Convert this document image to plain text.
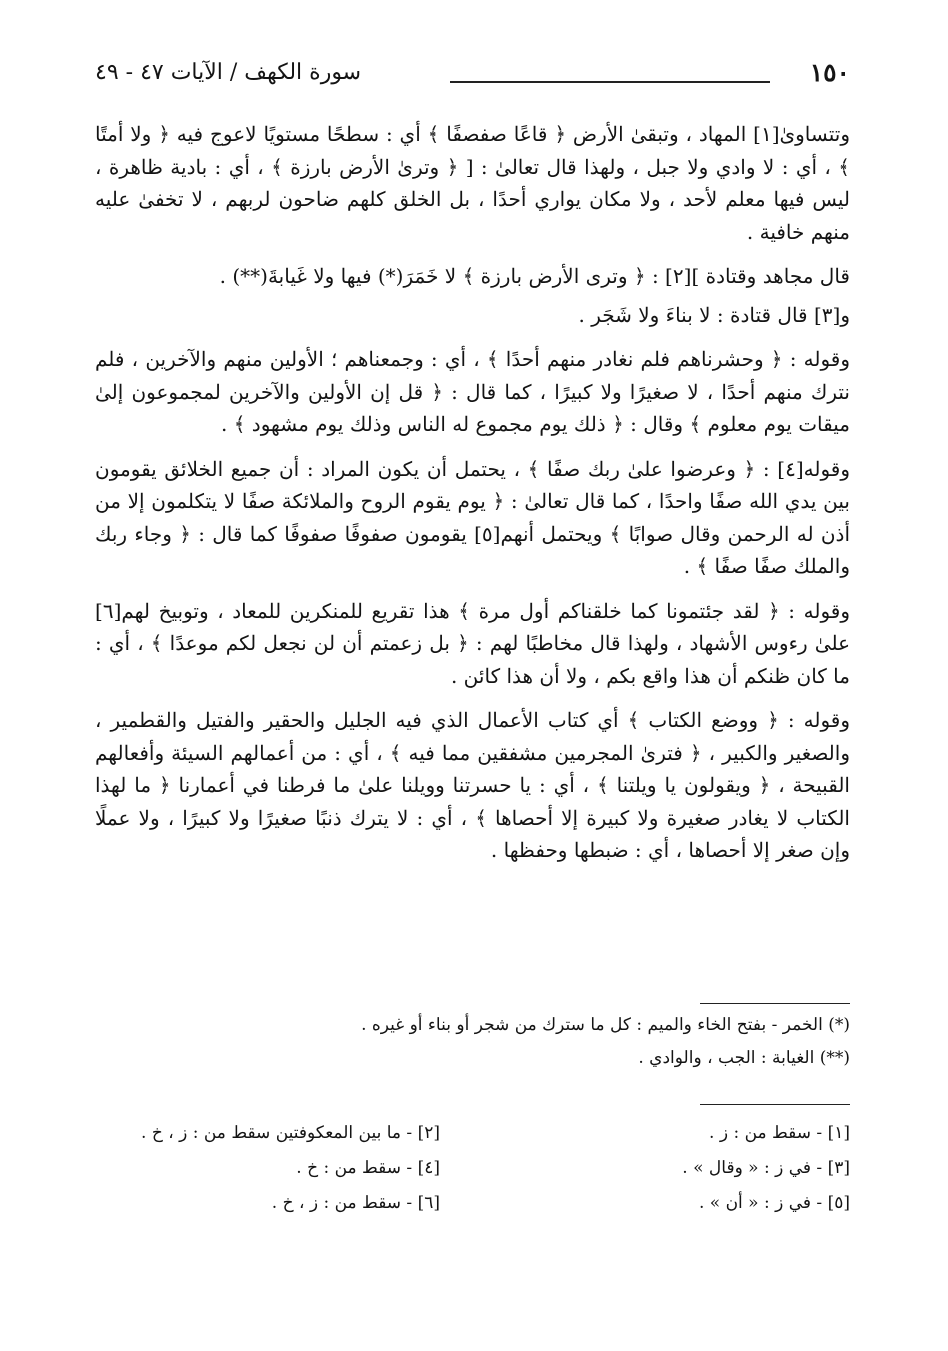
١٥٠
سورة الكهف / الآيات ٤٧ - ٤٩

وتتساوىٰ[١] المهاد ، وتبقىٰ الأرض ﴿ قاعًا صفصفًا ﴾ أي : سطحًا مستويًا لاعوج فيه ﴿ ولا أمتًا ﴾ ، أي : لا وادي ولا جبل ، ولهذا قال تعالىٰ : [ ﴿ وترىٰ الأرض بارزة ﴾ ، أي : بادية ظاهرة ، ليس فيها معلم لأحد ، ولا مكان يواري أحدًا ، بل الخلق كلهم ضاحون لربهم ، لا تخفىٰ عليه منهم خافية .

قال مجاهد وقتادة ]‎[٢] : ﴿ وترى الأرض بارزة ﴾ لا خَمَرَ(*) فيها ولا غَيابةَ(**) .

و[٣] قال قتادة : لا بناءَ ولا شَجَر .

وقوله : ﴿ وحشرناهم فلم نغادر منهم أحدًا ﴾ ، أي : وجمعناهم ؛ الأولين منهم والآخرين ، فلم نترك منهم أحدًا ، لا صغيرًا ولا كبيرًا ، كما قال : ﴿ قل إن الأولين والآخرين لمجموعون إلىٰ ميقات يوم معلوم ﴾ وقال : ﴿ ذلك يوم مجموع له الناس وذلك يوم مشهود ﴾ .

وقوله[٤] : ﴿ وعرضوا علىٰ ربك صفًا ﴾ ، يحتمل أن يكون المراد : أن جميع الخلائق يقومون بين يدي الله صفًا واحدًا ، كما قال تعالىٰ : ﴿ يوم يقوم الروح والملائكة صفًا لا يتكلمون إلا من أذن له الرحمن وقال صوابًا ﴾ ويحتمل أنهم[٥] يقومون صفوفًا صفوفًا كما قال : ﴿ وجاء ربك والملك صفًا صفًا ﴾ .

وقوله : ﴿ لقد جئتمونا كما خلقناكم أول مرة ﴾ هذا تقريع للمنكرين للمعاد ، وتوبيخ لهم[٦] علىٰ رءوس الأشهاد ، ولهذا قال مخاطبًا لهم : ﴿ بل زعمتم أن لن نجعل لكم موعدًا ﴾ ، أي : ما كان ظنكم أن هذا واقع بكم ، ولا أن هذا كائن .

وقوله : ﴿ ووضع الكتاب ﴾ أي كتاب الأعمال الذي فيه الجليل والحقير والفتيل والقطمير ، والصغير والكبير ، ﴿ فترىٰ المجرمين مشفقين مما فيه ﴾ ، أي : من أعمالهم السيئة وأفعالهم القبيحة ، ﴿ ويقولون يا ويلتنا ﴾ ، أي : يا حسرتنا وويلنا علىٰ ما فرطنا في أعمارنا ﴿ ما لهذا الكتاب لا يغادر صغيرة ولا كبيرة إلا أحصاها ﴾ ، أي : لا يترك ذنبًا صغيرًا ولا كبيرًا ، ولا عملًا وإن صغر إلا أحصاها ، أي : ضبطها وحفظها .

(*) الخمر - بفتح الخاء والميم : كل ما سترك من شجر أو بناء أو غيره .
(**) الغيابة : الجب ، والوادي .
[١] - سقط من : ز .
[٢] - ما بين المعكوفتين سقط من : ز ، خ .
[٣] - في ز : « وقال » .
[٤] - سقط من : خ .
[٥] - في ز : « أن » .
[٦] - سقط من : ز ، خ .
